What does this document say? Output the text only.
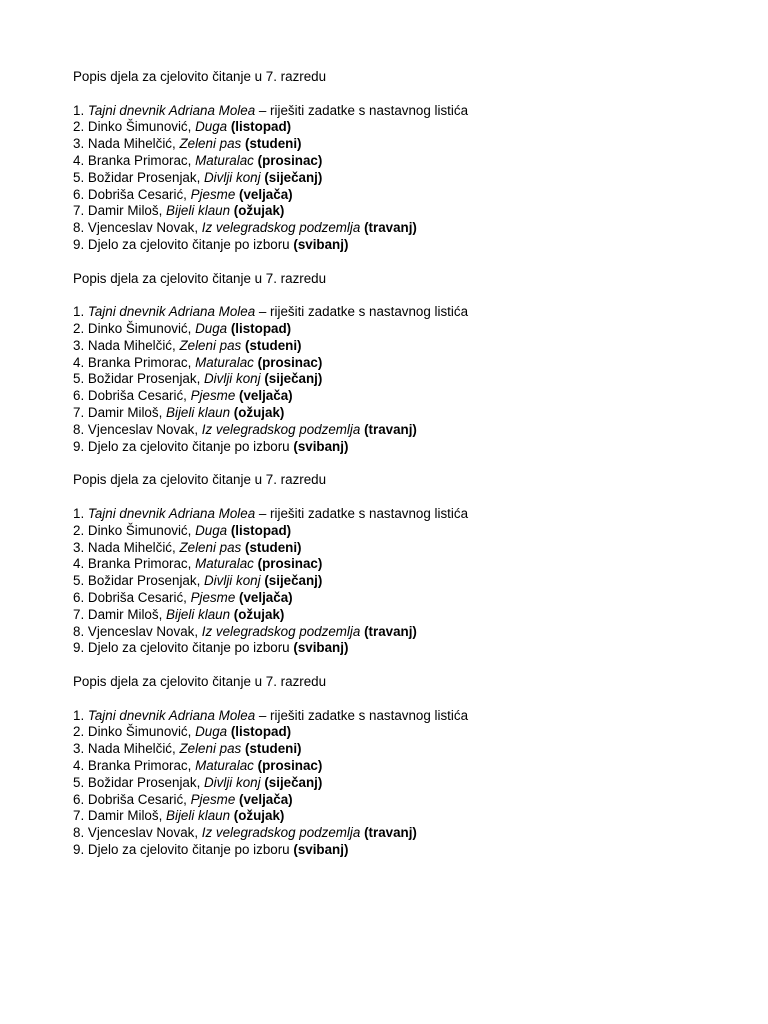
Popis djela za cjelovito čitanje u 7. razredu
1. Tajni dnevnik Adriana Molea – riješiti zadatke s nastavnog listića
2. Dinko Šimunović, Duga (listopad)
3. Nada Mihelčić, Zeleni pas (studeni)
4. Branka Primorac, Maturalac (prosinac)
5. Božidar Prosenjak, Divlji konj (siječanj)
6. Dobriša Cesarić, Pjesme (veljača)
7. Damir Miloš, Bijeli klaun (ožujak)
8. Vjenceslav Novak, Iz velegradskog podzemlja (travanj)
9. Djelo za cjelovito čitanje po izboru (svibanj)
Popis djela za cjelovito čitanje u 7. razredu
1. Tajni dnevnik Adriana Molea – riješiti zadatke s nastavnog listića
2. Dinko Šimunović, Duga (listopad)
3. Nada Mihelčić, Zeleni pas (studeni)
4. Branka Primorac, Maturalac (prosinac)
5. Božidar Prosenjak, Divlji konj (siječanj)
6. Dobriša Cesarić, Pjesme (veljača)
7. Damir Miloš, Bijeli klaun (ožujak)
8. Vjenceslav Novak, Iz velegradskog podzemlja (travanj)
9. Djelo za cjelovito čitanje po izboru (svibanj)
Popis djela za cjelovito čitanje u 7. razredu
1. Tajni dnevnik Adriana Molea – riješiti zadatke s nastavnog listića
2. Dinko Šimunović, Duga (listopad)
3. Nada Mihelčić, Zeleni pas (studeni)
4. Branka Primorac, Maturalac (prosinac)
5. Božidar Prosenjak, Divlji konj (siječanj)
6. Dobriša Cesarić, Pjesme (veljača)
7. Damir Miloš, Bijeli klaun (ožujak)
8. Vjenceslav Novak, Iz velegradskog podzemlja (travanj)
9. Djelo za cjelovito čitanje po izboru (svibanj)
Popis djela za cjelovito čitanje u 7. razredu
1. Tajni dnevnik Adriana Molea – riješiti zadatke s nastavnog listića
2. Dinko Šimunović, Duga (listopad)
3. Nada Mihelčić, Zeleni pas (studeni)
4. Branka Primorac, Maturalac (prosinac)
5. Božidar Prosenjak, Divlji konj (siječanj)
6. Dobriša Cesarić, Pjesme (veljača)
7. Damir Miloš, Bijeli klaun (ožujak)
8. Vjenceslav Novak, Iz velegradskog podzemlja (travanj)
9. Djelo za cjelovito čitanje po izboru (svibanj)
